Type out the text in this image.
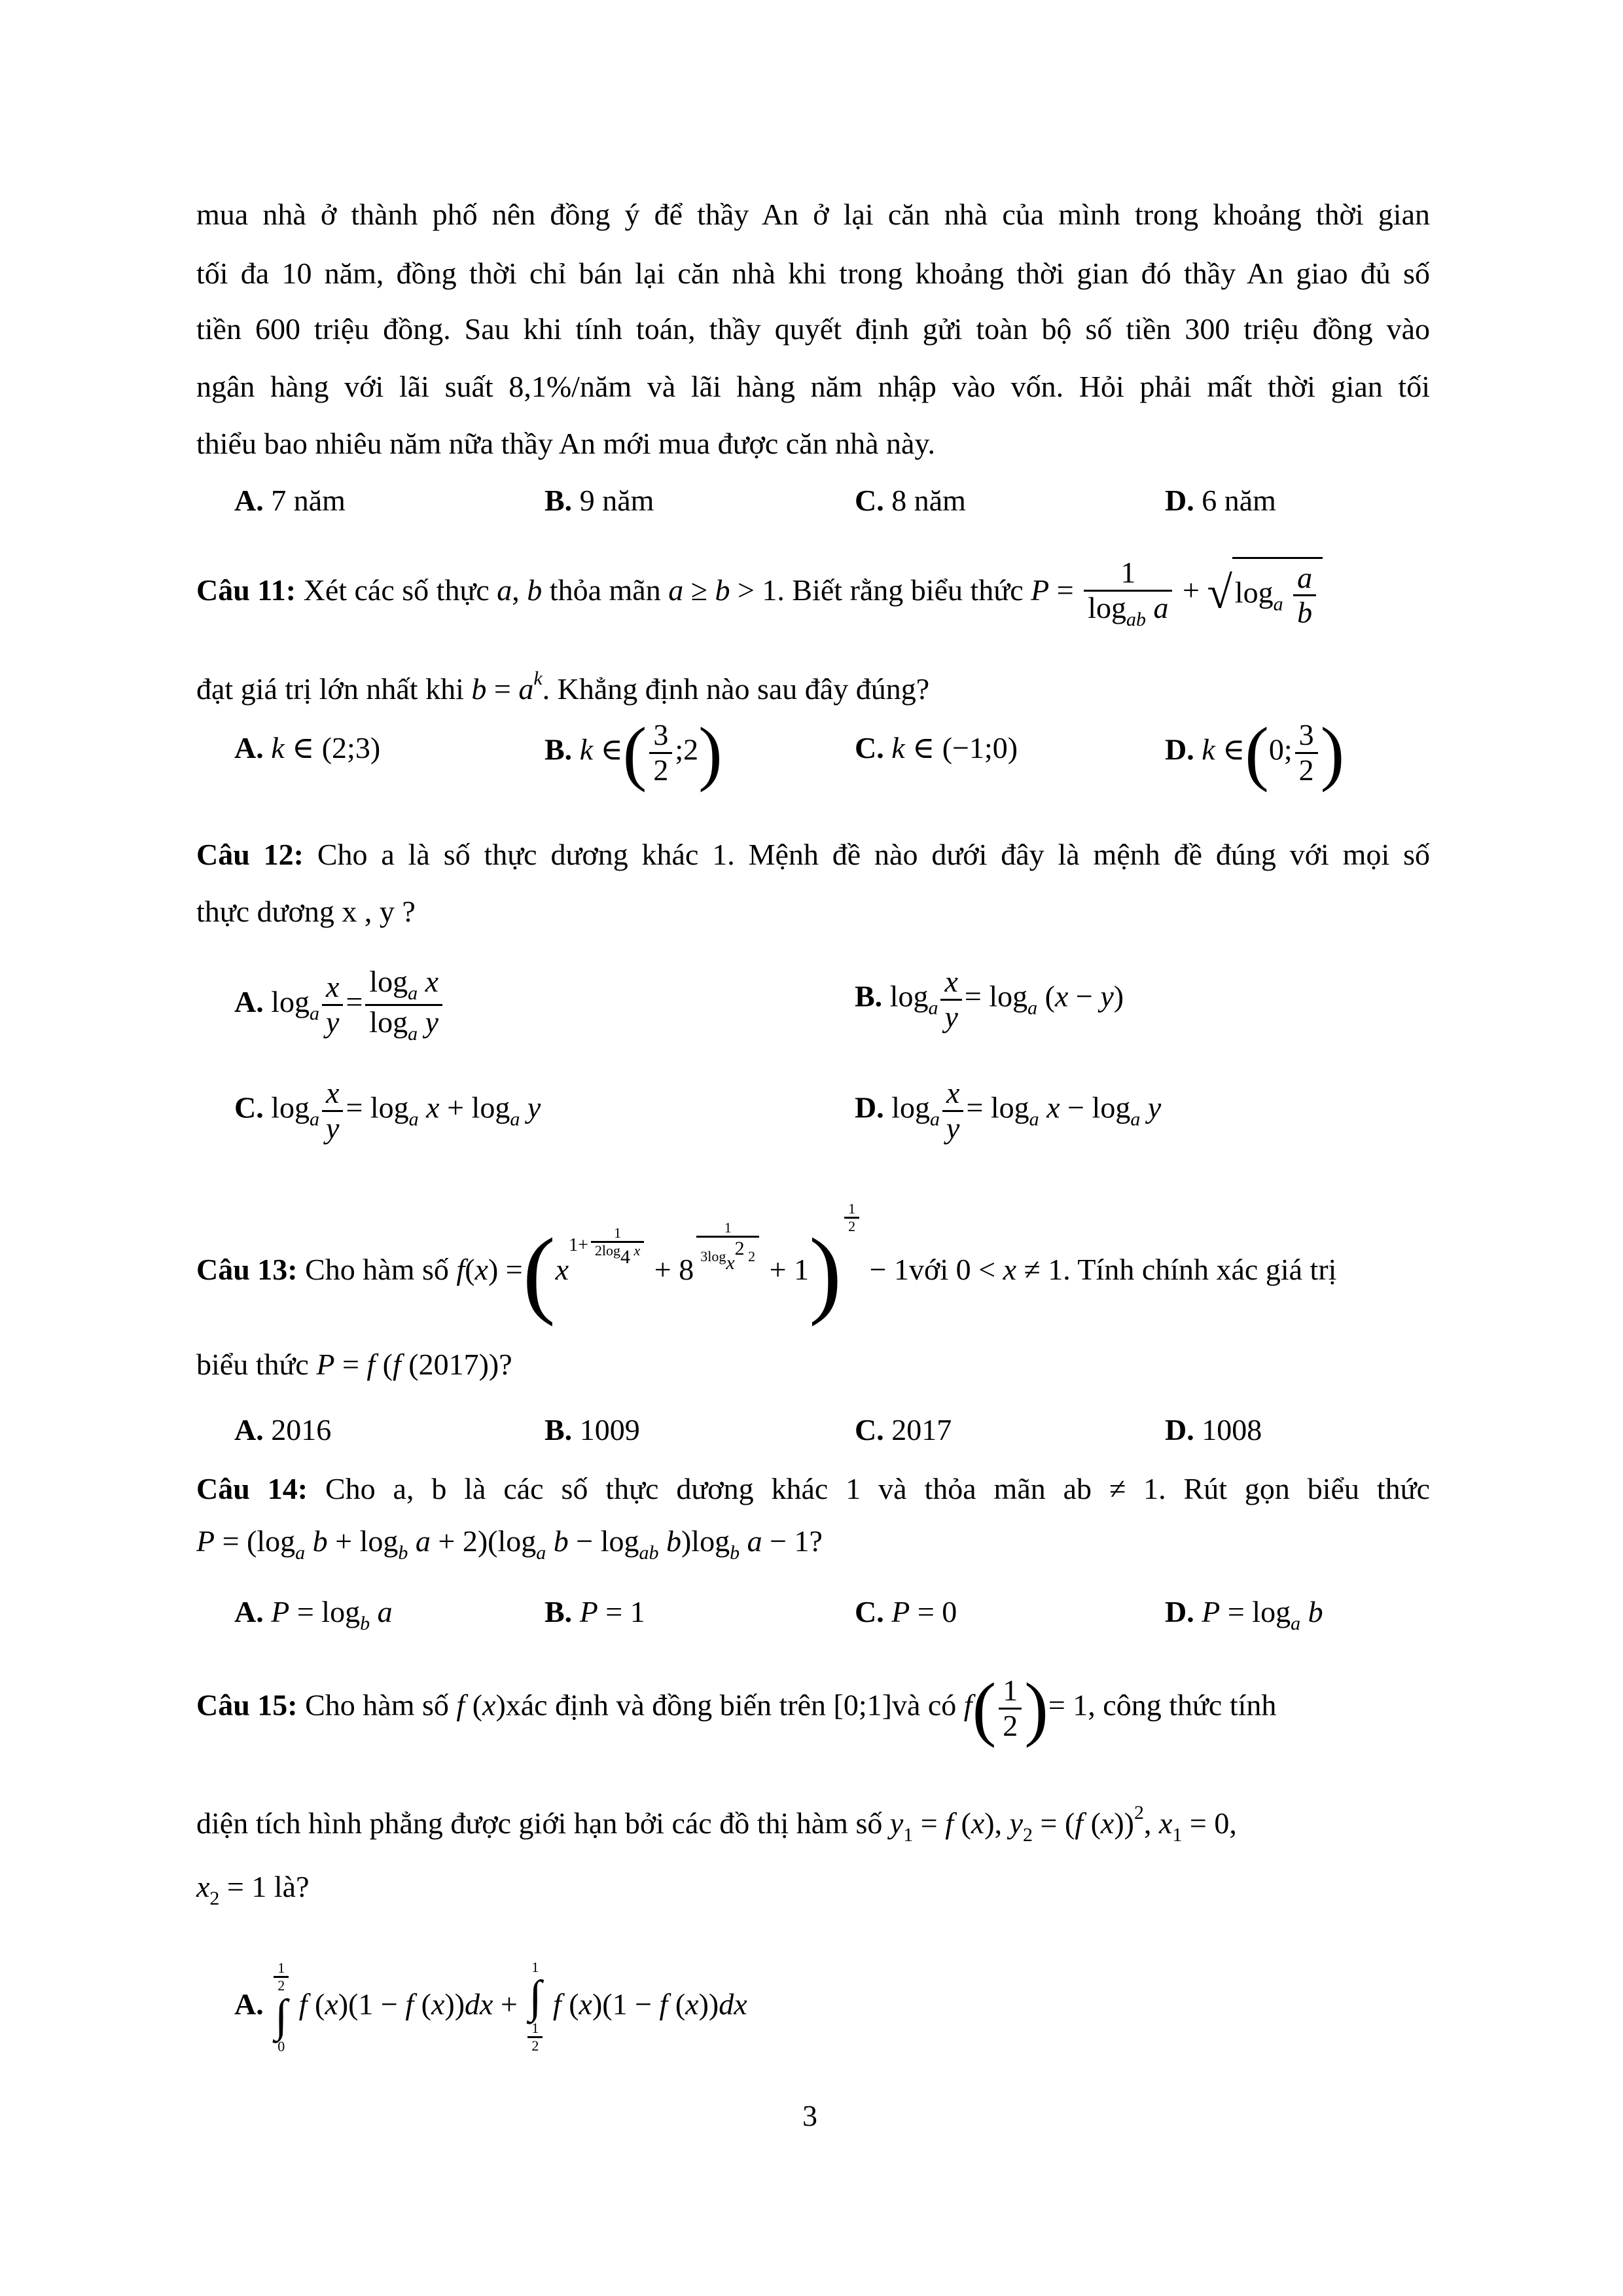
mua nhà ở thành phố nên đồng ý để thầy An ở lại căn nhà của mình trong khoảng thời gian
tối đa 10 năm, đồng thời chỉ bán lại căn nhà khi trong khoảng thời gian đó thầy An giao đủ số
tiền 600 triệu đồng. Sau khi tính toán, thầy quyết định gửi toàn bộ số tiền 300 triệu đồng vào
ngân hàng với lãi suất 8,1%/năm và lãi hàng năm nhập vào vốn. Hỏi phải mất thời gian tối
thiểu bao nhiêu năm nữa thầy An mới mua được căn nhà này.
A. 7 năm	B. 9 năm	C. 8 năm	D. 6 năm
Câu 11: Xét các số thực a, b thỏa mãn a ≥ b > 1. Biết rằng biểu thức $P = \frac{1}{\log_{ab} a} + √\log_a \frac{a}{b}$
đạt giá trị lớn nhất khi $b = a^k$. Khẳng định nào sau đây đúng?
A. k ∈ (2;3)	B. k ∈( $\frac{3}{2}$ ;2)	C. k ∈ (−1;0)	D. k ∈(0; $\frac{3}{2}$ )
Câu 12: Cho a là số thực dương khác 1. Mệnh đề nào dưới đây là mệnh đề đúng với mọi số
thực dương x , y ?
A. $\log_a \frac{x}{y} = \frac{\log_a x}{\log_a y}$	B. $\log_a \frac{x}{y} = \log_a (x - y)$
C. $\log_a \frac{x}{y} = \log_a x + \log_a y$	D. $\log_a \frac{x}{y} = \log_a x - \log_a y$
Câu 13: Cho hàm số $f(x) =(x^{1+ \frac{1}{2\log_4 x}}$
+ 8 $^{\frac{1}{3\log_{x^2} 2}}$ + 1)
$^{\frac{1}{2}}$
− 1với 0 < x ≠ 1. Tính chính xác giá trị
biểu thức P = f (f (2017))?
A. 2016	B. 1009	C. 2017	D. 1008
Câu 14: Cho a, b là các số thực dương khác 1 và thỏa mãn ab ≠ 1. Rút gọn biểu thức
$P = (\log_a$ $b + \log_b a + 2)(\log_a$ $b - \log_{ab} b)\log_b$ a − 1?
A. $P = \log_b a$	B. P = 1	C. P = 0	D. $P = \log_a b$
Câu 15: Cho hàm số f (x)xác định và đồng biến trên [0;1]và có $f( \frac{1}{2}$ )= 1, công thức tính
diện tích hình phẳng được giới hạn bởi các đồ thị hàm số $y_1 = f$ (x), $y_2 = (f$ (x))$^2$, $x_1 = 0$,
$x_2 = 1$ là?
A.
1
2
∫
0
f (x)(1 − f (x))dx +
1
∫
1
2
f (x)(1 − f (x))dx
3
